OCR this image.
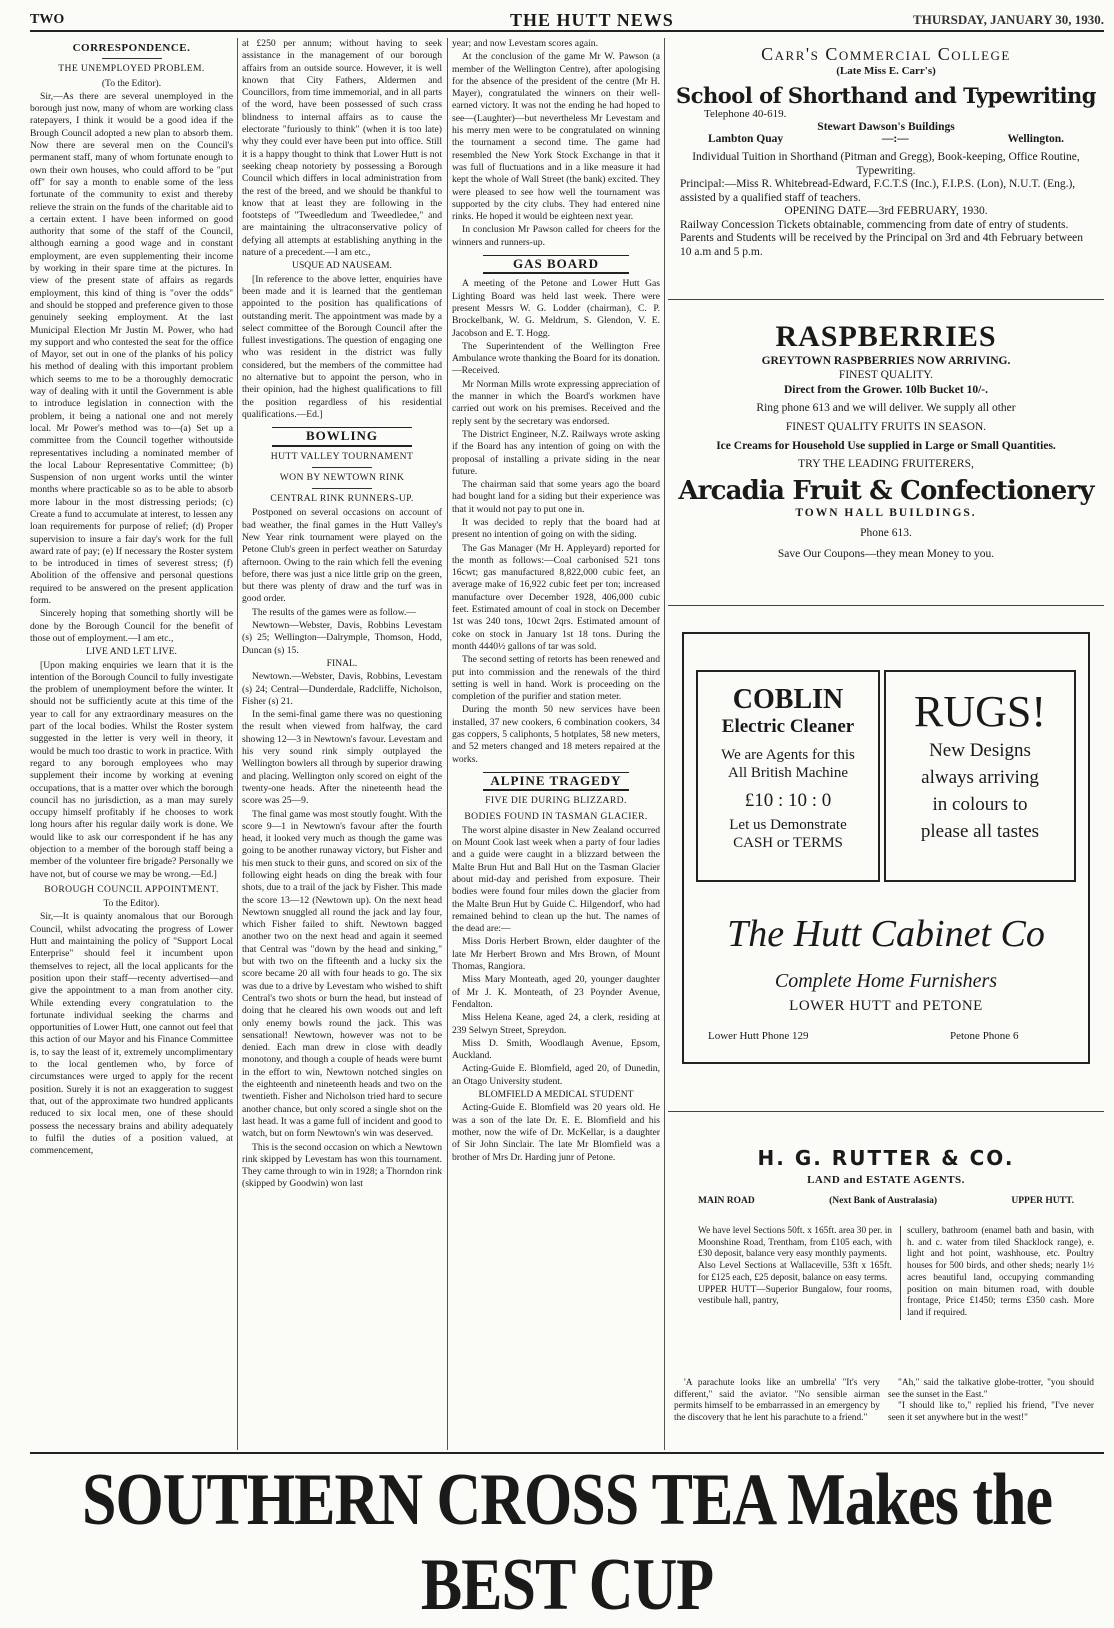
TWO	THE HUTT NEWS	THURSDAY, JANUARY 30, 1930.
CORRESPONDENCE.
THE UNEMPLOYED PROBLEM.

(To the Editor).

Sir,—As there are several unemployed in the borough just now, many of whom are working class ratepayers, I think it would be a good idea if the Brough Council adopted a new plan to absorb them. Now there are several men on the Council's permanent staff, many of whom fortunate enough to own their own houses, who could afford to be "put off" for say a month to enable some of the less fortunate of the community to exist and thereby relieve the strain on the funds of the charitable aid to a certain extent. I have been informed on good authority that some of the staff of the Council, although earning a good wage and in constant employment, are even supplementing their income by working in their spare time at the pictures. In view of the present state of affairs as regards employment, this kind of thing is "over the odds" and should be stopped and preference given to those genuinely seeking employment. At the last Municipal Election Mr Justin M. Power, who had my support and who contested the seat for the office of Mayor, set out in one of the planks of his policy his method of dealing with this important problem which seems to me to be a thoroughly democratic way of dealing with it until the Government is able to introduce legislation in connection with the problem, it being a national one and not merely local. Mr Power's method was to—(a) Set up a committee from the Council together withoutside representatives including a nominated member of the local Labour Representative Committee; (b) Suspension of non urgent works until the winter months where practicable so as to be able to absorb more labour in the most distressing periods; (c) Create a fund to accumulate at interest, to lessen any loan requirements for purpose of relief; (d) Proper supervision to insure a fair day's work for the full award rate of pay; (e) If necessary the Roster system to be introduced in times of severest stress; (f) Abolition of the offensive and personal questions required to be answered on the present application form.

Sincerely hoping that something shortly will be done by the Borough Council for the benefit of those out of employment.—I am etc.,

LIVE AND LET LIVE.

[Upon making enquiries we learn that it is the intention of the Borough Council to fully investigate the problem of unemployment before the winter. It should not be sufficiently acute at this time of the year to call for any extraordinary measures on the part of the local bodies. Whilst the Roster system suggested in the letter is very well in theory, it would be much too drastic to work in practice. With regard to any borough employees who may supplement their income by working at evening occupations, that is a matter over which the borough council has no jurisdiction, as a man may surely occupy himself profitably if he chooses to work long hours after his regular daily work is done. We would like to ask our correspondent if he has any objection to a member of the borough staff being a member of the volunteer fire brigade? Personally we have not, but of course we may be wrong.—Ed.]

BOROUGH COUNCIL APPOINTMENT.

To the Editor).

Sir,—It is quainty anomalous that our Borough Council, whilst advocating the progress of Lower Hutt and maintaining the policy of "Support Local Enterprise" should feel it incumbent upon themselves to reject, all the local applicants for the position upon their staff—recenty advertised—and give the appointment to a man from another city. While extending every congratulation to the fortunate individual seeking the charms and opportunities of Lower Hutt, one cannot out feel that this action of our Mayor and his Finance Committee is, to say the least of it, extremely uncomplimentary to the local gentlemen who, by force of circumstances were urged to apply for the recent position. Surely it is not an exaggeration to suggest that, out of the approximate two hundred applicants reduced to six local men, one of these should possess the necessary brains and ability adequately to fulfil the duties of a position valued, at commencement,

at £250 per annum; without having to seek assistance in the management of our borough affairs from an outside source. However, it is well known that City Fathers, Aldermen and Councillors, from time immemorial, and in all parts of the word, have been possessed of such crass blindness to internal affairs as to cause the electorate "furiously to think" (when it is too late) why they could ever have been put into office. Still it is a happy thought to think that Lower Hutt is not seeking cheap notoriety by possessing a Borough Council which differs in local administration from the rest of the breed, and we should be thankful to know that at least they are following in the footsteps of "Tweedledum and Tweedledee," and are maintaining the ultraconservative policy of defying all attempts at establishing anything in the nature of a precedent.—I am etc.,

USQUE AD NAUSEAM.

[In reference to the above letter, enquiries have been made and it is learned that the gentleman appointed to the position has qualifications of outstanding merit. The appointment was made by a select committee of the Borough Council after the fullest investigations. The question of engaging one who was resident in the district was fully considered, but the members of the committee had no alternative but to appoint the person, who in their opinion, had the highest qualifications to fill the position regardless of his residential qualifications.—Ed.]

BOWLING
HUTT VALLEY TOURNAMENT
WON BY NEWTOWN RINK
CENTRAL RINK RUNNERS-UP.

Postponed on several occasions on account of bad weather, the final games in the Hutt Valley's New Year rink tournament were played on the Petone Club's green in perfect weather on Saturday afternoon. Owing to the rain which fell the evening before, there was just a nice little grip on the green, but there was plenty of draw and the turf was in good order.

The results of the games were as follow.—

Newtown—Webster, Davis, Robbins Levestam (s) 25; Wellington—Dalrymple, Thomson, Hodd, Duncan (s) 15.

FINAL.

Newtown.—Webster, Davis, Robbins, Levestam (s) 24; Central—Dunderdale, Radcliffe, Nicholson, Fisher (s) 21.

In the semi-final game there was no questioning the result when viewed from halfway, the card showing 12—3 in Newtown's favour. Levestam and his very sound rink simply outplayed the Wellington bowlers all through by superior drawing and placing. Wellington only scored on eight of the twenty-one heads. After the nineteenth head the score was 25—9.

The final game was most stoutly fought. With the score 9—1 in Newtown's favour after the fourth head, it looked very much as though the game was going to be another runaway victory, but Fisher and his men stuck to their guns, and scored on six of the following eight heads on ding the break with four shots, due to a trail of the jack by Fisher. This made the score 13—12 (Newtown up). On the next head Newtown snuggled all round the jack and lay four, which Fisher failed to shift. Newtown bagged another two on the next head and again it seemed that Central was "down by the head and sinking," but with two on the fifteenth and a lucky six the score became 20 all with four heads to go. The six was due to a drive by Levestam who wished to shift Central's two shots or burn the head, but instead of doing that he cleared his own woods out and left only enemy bowls round the jack. This was sensational! Newtown, however was not to be denied. Each man drew in close with deadly monotony, and though a couple of heads were burnt in the effort to win, Newtown notched singles on the eighteenth and nineteenth heads and two on the twentieth. Fisher and Nicholson tried hard to secure another chance, but only scored a single shot on the last head. It was a game full of incident and good to watch, but on form Newtown's win was deserved.

This is the second occasion on which a Newtown rink skipped by Levestam has won this tournament. They came through to win in 1928; a Thorndon rink (skipped by Goodwin) won last

year; and now Levestam scores again.

At the conclusion of the game Mr W. Pawson (a member of the Wellington Centre), after apologising for the absence of the president of the centre (Mr H. Mayer), congratulated the winners on their well-earned victory. It was not the ending he had hoped to see—(Laughter)—but nevertheless Mr Levestam and his merry men were to be congratulated on winning the tournament a second time. The game had resembled the New York Stock Exchange in that it was full of fluctuations and in a like measure it had kept the whole of Wall Street (the bank) excited. They were pleased to see how well the tournament was supported by the city clubs. They had entered nine rinks. He hoped it would be eighteen next year.

In conclusion Mr Pawson called for cheers for the winners and runners-up.

GAS BOARD

A meeting of the Petone and Lower Hutt Gas Lighting Board was held last week. There were present Messrs W. G. Lodder (chairman), C. P. Brockelbank, W. G. Meldrum, S. Glendon, V. E. Jacobson and E. T. Hogg.

The Superintendent of the Wellington Free Ambulance wrote thanking the Board for its donation.—Received.

Mr Norman Mills wrote expressing appreciation of the manner in which the Board's workmen have carried out work on his premises. Received and the reply sent by the secretary was endorsed.

The District Engineer, N.Z. Railways wrote asking if the Board has any intention of going on with the proposal of installing a private siding in the near future.

The chairman said that some years ago the board had bought land for a siding but their experience was that it would not pay to put one in.

It was decided to reply that the board had at present no intention of going on with the siding.

The Gas Manager (Mr H. Appleyard) reported for the month as follows:—Coal carbonised 521 tons 16cwt; gas manufactured 8,822,000 cubic feet, an average make of 16,922 cubic feet per ton; increased manufacture over December 1928, 406,000 cubic feet. Estimated amount of coal in stock on December 1st was 240 tons, 10cwt 2qrs. Estimated amount of coke on stock in January 1st 18 tons. During the month 4440½ gallons of tar was sold.

The second setting of retorts has been renewed and put into commission and the renewals of the third setting is well in hand. Work is proceeding on the completion of the purifier and station meter.

During the month 50 new services have been installed, 37 new cookers, 6 combination cookers, 34 gas coppers, 5 caliphonts, 5 hotplates, 58 new meters, and 52 meters changed and 18 meters repaired at the works.

ALPINE TRAGEDY
FIVE DIE DURING BLIZZARD.
BODIES FOUND IN TASMAN GLACIER.

The worst alpine disaster in New Zealand occurred on Mount Cook last week when a party of four ladies and a guide were caught in a blizzard between the Malte Brun Hut and Ball Hut on the Tasman Glacier about mid-day and perished from exposure. Their bodies were found four miles down the glacier from the Malte Brun Hut by Guide C. Hilgendorf, who had remained behind to clean up the hut. The names of the dead are:—

Miss Doris Herbert Brown, elder daughter of the late Mr Herbert Brown and Mrs Brown, of Mount Thomas, Rangiora.

Miss Mary Monteath, aged 20, younger daughter of Mr J. K. Monteath, of 23 Poynder Avenue, Fendalton.

Miss Helena Keane, aged 24, a clerk, residing at 239 Selwyn Street, Spreydon.

Miss D. Smith, Woodlaugh Avenue, Epsom, Auckland.

Acting-Guide E. Blomfield, aged 20, of Dunedin, an Otago University student.

BLOMFIELD A MEDICAL STUDENT

Acting-Guide E. Blomfield was 20 years old. He was a son of the late Dr. E. E. Blomfield and his mother, now the wife of Dr. McKellar, is a daughter of Sir John Sinclair. The late Mr Blomfield was a brother of Mrs Dr. Harding junr of Petone.

Carr's Commercial College
(Late Miss E. Carr's)
School of Shorthand and Typewriting
Telephone 40-619.
Stewart Dawson's Buildings
Lambton Quay	—:—	Wellington.
Individual Tuition in Shorthand (Pitman and Gregg), Book-keeping, Office Routine, Typewriting.
Principal:—Miss R. Whitebread-Edward, F.C.T.S (Inc.), F.I.P.S. (Lon), N.U.T. (Eng.), assisted by a qualified staff of teachers.
OPENING DATE—3rd FEBRUARY, 1930.
Railway Concession Tickets obtainable, commencing from date of entry of students.
Parents and Students will be received by the Principal on 3rd and 4th February between 10 a.m and 5 p.m.
RASPBERRIES
GREYTOWN RASPBERRIES NOW ARRIVING.
FINEST QUALITY.
Direct from the Grower. 10lb Bucket 10/-.
Ring phone 613 and we will deliver. We supply all other
FINEST QUALITY FRUITS IN SEASON.
Ice Creams for Household Use supplied in Large or Small Quantities.
TRY THE LEADING FRUITERERS,
Arcadia Fruit & Confectionery
TOWN HALL BUILDINGS.
Phone 613.
Save Our Coupons—they mean Money to you.
COBLIN
Electric Cleaner
We are Agents for this
All British Machine
£10 : 10 : 0
Let us Demonstrate
CASH or TERMS
RUGS!
New Designs
always arriving
in colours to
please all tastes
The Hutt Cabinet Co
Complete Home Furnishers
LOWER HUTT and PETONE
Lower Hutt Phone 129	Petone Phone 6
H. G. RUTTER & CO.
LAND and ESTATE AGENTS.
MAIN ROAD	(Next Bank of Australasia)	UPPER HUTT.

We have level Sections 50ft. x 165ft. area 30 per. in Moonshine Road, Trentham, from £105 each, with £30 deposit, balance very easy monthly payments.

Also Level Sections at Wallaceville, 53ft x 165ft. for £125 each, £25 deposit, balance on easy terms.

UPPER HUTT—Superior Bungalow, four rooms, vestibule hall, pantry,

scullery, bathroom (enamel bath and basin, with h. and c. water from tiled Shacklock range), e. light and hot point, washhouse, etc. Poultry houses for 500 birds, and other sheds; nearly 1½ acres beautiful land, occupying commanding position on main bitumen road, with double frontage, Price £1450; terms £350 cash. More land if required.

'A parachute looks like an umbrella' "It's very different," said the aviator. "No sensible airman permits himself to be embarrassed in an emergency by the discovery that he lent his parachute to a friend."

"Ah," said the talkative globe-trotter, "you should see the sunset in the East."

"I should like to," replied his friend, "I've never seen it set anywhere but in the west!"

SOUTHERN CROSS TEA Makes the BEST CUP
